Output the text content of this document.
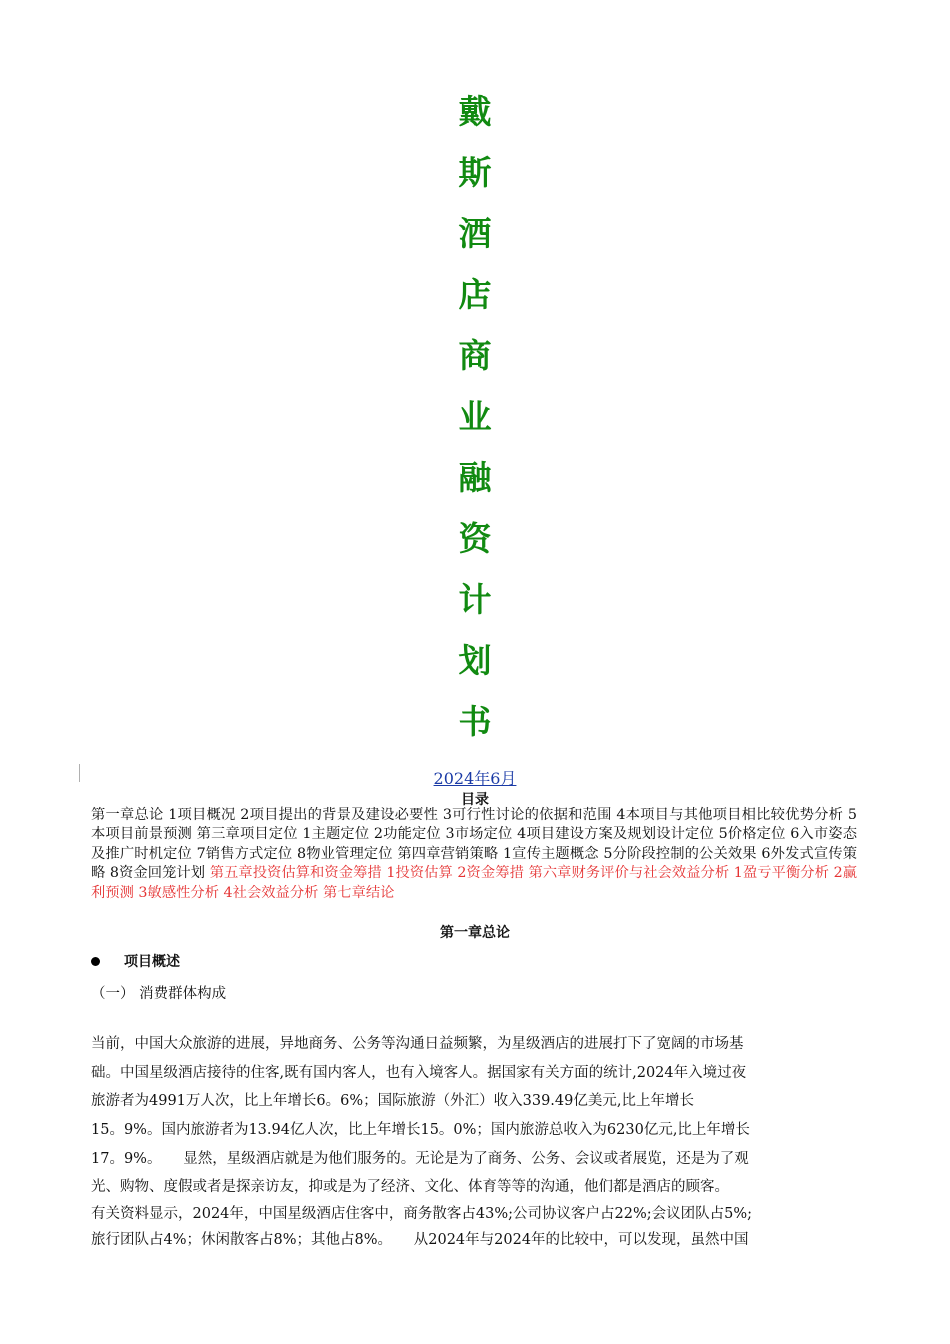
戴
斯
酒
店
商
业
融
资
计
划
书
2024年6月
目录
第一章总论 1项目概况 2项目提出的背景及建设必要性 3可行性讨论的依据和范围 4本项目与其他项目相比较优势分析 5本项目前景预测 第三章项目定位 1主题定位 2功能定位 3市场定位 4项目建设方案及规划设计定位 5价格定位 6入市姿态及推广时机定位 7销售方式定位 8物业管理定位 第四章营销策略 1宣传主题概念 5分阶段控制的公关效果 6外发式宣传策略 8资金回笼计划 第五章投资估算和资金筹措 1投资估算 2资金筹措 第六章财务评价与社会效益分析 1盈亏平衡分析 2赢利预测 3敏感性分析 4社会效益分析 第七章结论
第一章总论
项目概述
（一） 消费群体构成
当前，中国大众旅游的进展，异地商务、公务等沟通日益频繁，为星级酒店的进展打下了宽阔的市场基
础。中国星级酒店接待的住客,既有国内客人，也有入境客人。据国家有关方面的统计,2024年入境过夜
旅游者为4991万人次，比上年增长6。6%；国际旅游（外汇）收入339.49亿美元,比上年增长
15。9%。国内旅游者为13.94亿人次，比上年增长15。0%；国内旅游总收入为6230亿元,比上年增长
17。9%。　　显然，星级酒店就是为他们服务的。无论是为了商务、公务、会议或者展览，还是为了观
光、购物、度假或者是探亲访友，抑或是为了经济、文化、体育等等的沟通，他们都是酒店的顾客。
有关资料显示，2024年，中国星级酒店住客中，商务散客占43%;公司协议客户占22%;会议团队占5%;
旅行团队占4%；休闲散客占8%；其他占8%。　　从2024年与2024年的比较中，可以发现，虽然中国
